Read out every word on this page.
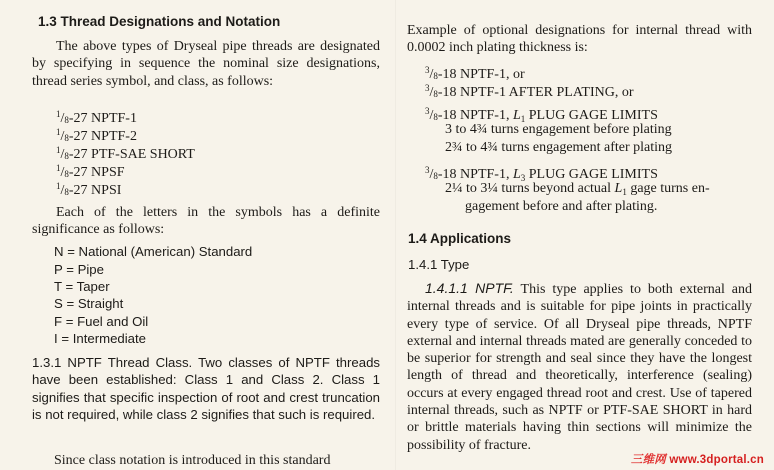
1.3 Thread Designations and Notation
The above types of Dryseal pipe threads are designated by specifying in sequence the nominal size designations, thread series symbol, and class, as follows:
$^1/_8-27$ NPTF-1
$^1/_8-27$ NPTF-2
$^1/_8-27$ PTF-SAE SHORT
$^1/_8-27$ NPSF
$^1/_8-27$ NPSI
Each of the letters in the symbols has a definite significance as follows:
N = National (American) Standard
P = Pipe
T = Taper
S = Straight
F = Fuel and Oil
I = Intermediate
1.3.1 NPTF Thread Class. Two classes of NPTF threads have been established: Class 1 and Class 2. Class 1 signifies that specific inspection of root and crest truncation is not required, while class 2 signifies that such is required.
Since class notation is introduced in this standard
Example of optional designations for internal thread with 0.0002 inch plating thickness is:
$^3/_8-18$ NPTF-1, or
$^3/_8-18$ NPTF-1 AFTER PLATING, or
$^3/_8-18$ NPTF-1, $L_1$ PLUG GAGE LIMITS
3 to 4¾ turns engagement before plating
2¾ to 4¾ turns engagement after plating
$^3/_8-18$ NPTF-1, $L_3$ PLUG GAGE LIMITS
2¼ to 3¼ turns beyond actual $L_1$ gage turns en-
gagement before and after plating.
1.4 Applications
1.4.1 Type
1.4.1.1 NPTF. This type applies to both external and internal threads and is suitable for pipe joints in practically every type of service. Of all Dryseal pipe threads, NPTF external and internal threads mated are generally conceded to be superior for strength and seal since they have the longest length of thread and theoretically, interference (sealing) occurs at every engaged thread root and crest. Use of tapered internal threads, such as NPTF or PTF-SAE SHORT in hard or brittle materials having thin sections will minimize the possibility of fracture.
三维网 www.3dportal.cn
